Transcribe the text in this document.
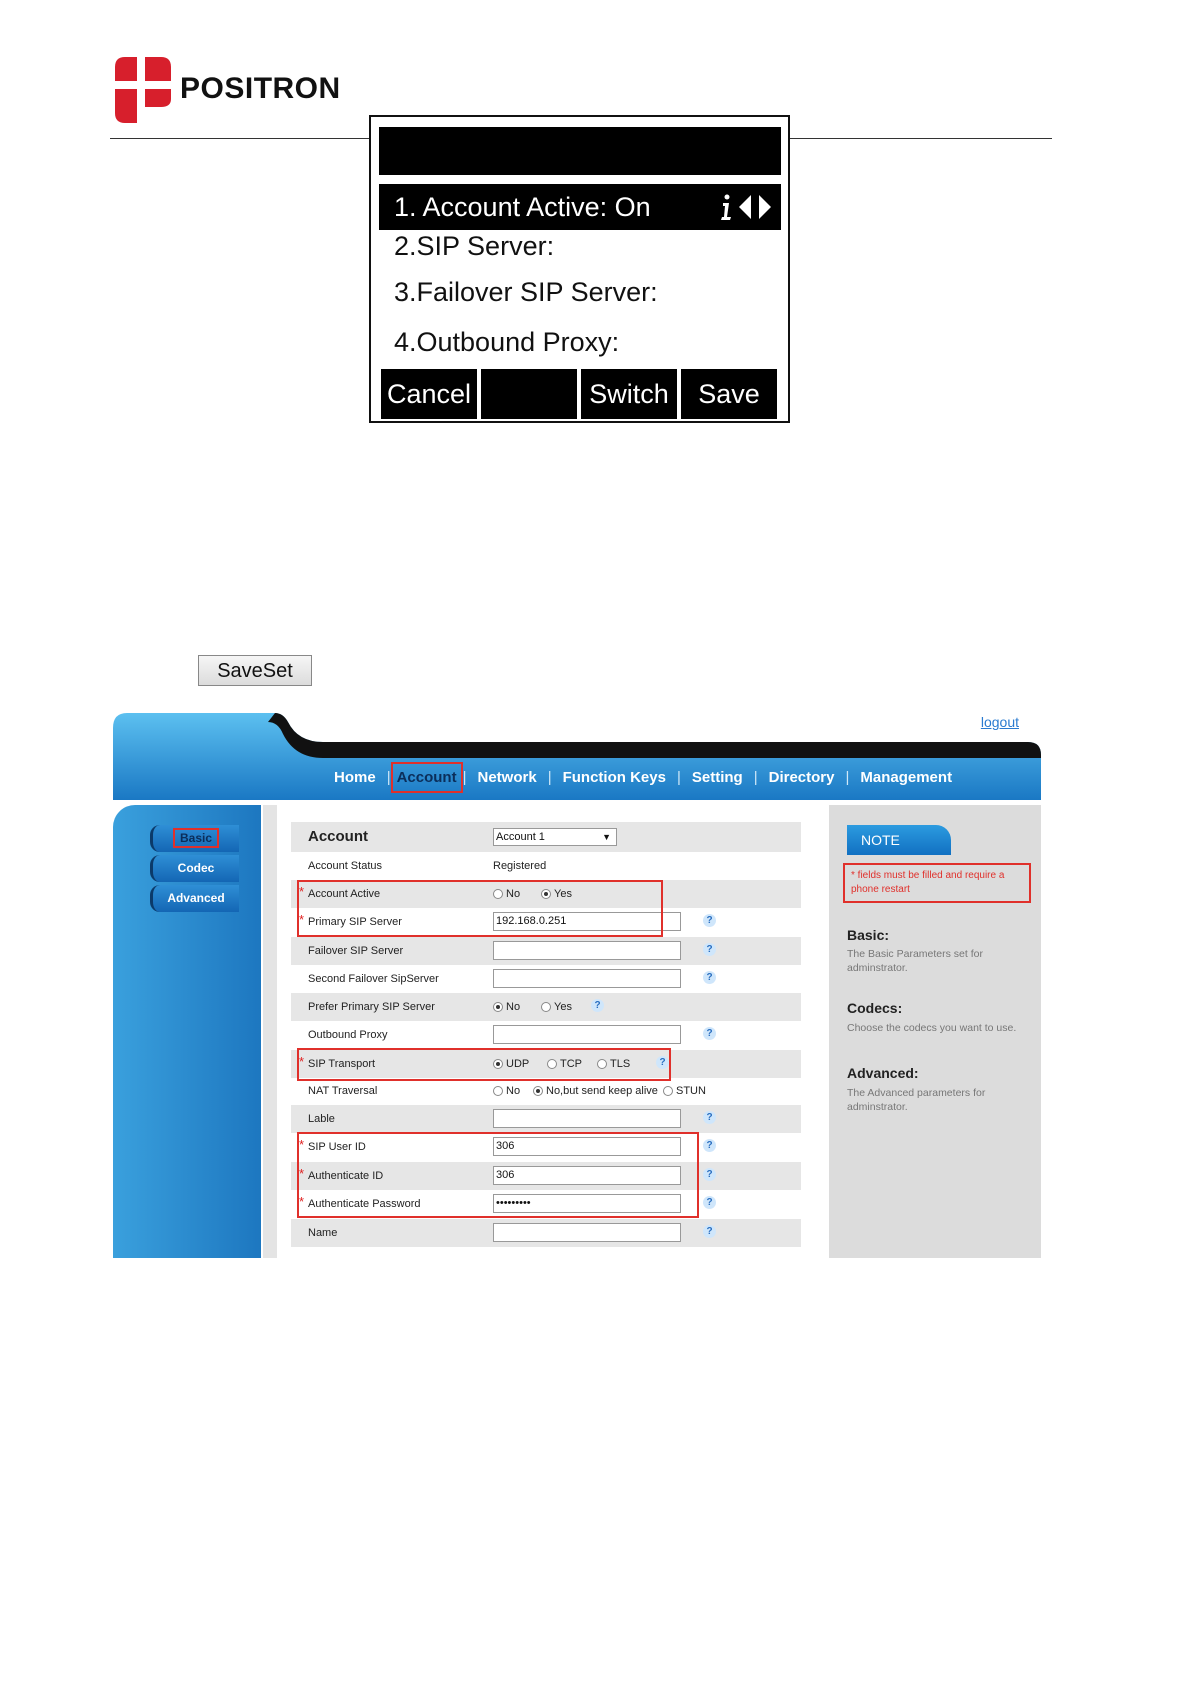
POSITRON
1. Account Active: On
2.SIP Server:
3.Failover SIP Server:
4.Outbound Proxy:
Cancel	Switch	Save
SaveSet
logout
Home | Account | Network | Function Keys | Setting | Directory | Management
Basic
Codec
Advanced
Account	Account 1	▼
Account Status	Registered
* Account Active	No	Yes
* Primary SIP Server	192.168.0.251	?
Failover SIP Server	?
Second Failover SipServer	?
Prefer Primary SIP Server	No	Yes	?
Outbound Proxy	?
* SIP Transport	UDP	TCP	TLS	?
NAT Traversal	No No,but send keep alive STUN
Lable	?
* SIP User ID	306	?
* Authenticate ID	306	?
* Authenticate Password	•••••••••	?
Name	?
NOTE
* fields must be filled and require a phone restart
Basic:
The Basic Parameters set for adminstrator.
Codecs:
Choose the codecs you want to use.
Advanced:
The Advanced parameters for adminstrator.
